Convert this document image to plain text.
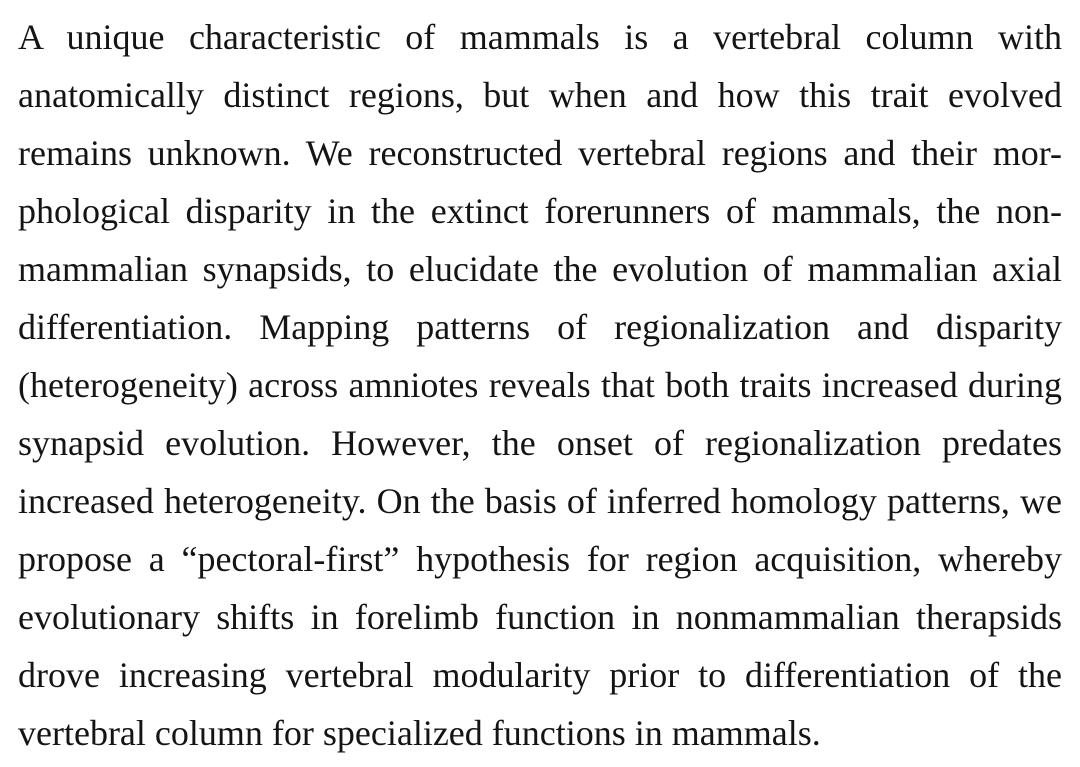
A unique characteristic of mammals is a vertebral column with
anatomically distinct regions, but when and how this trait evolved
remains unknown. We reconstructed vertebral regions and their mor-
phological disparity in the extinct forerunners of mammals, the non-
mammalian synapsids, to elucidate the evolution of mammalian axial
differentiation. Mapping patterns of regionalization and disparity
(heterogeneity) across amniotes reveals that both traits increased during
synapsid evolution. However, the onset of regionalization predates
increased heterogeneity. On the basis of inferred homology patterns, we
propose a “pectoral-first” hypothesis for region acquisition, whereby
evolutionary shifts in forelimb function in nonmammalian therapsids
drove increasing vertebral modularity prior to differentiation of the
vertebral column for specialized functions in mammals.
